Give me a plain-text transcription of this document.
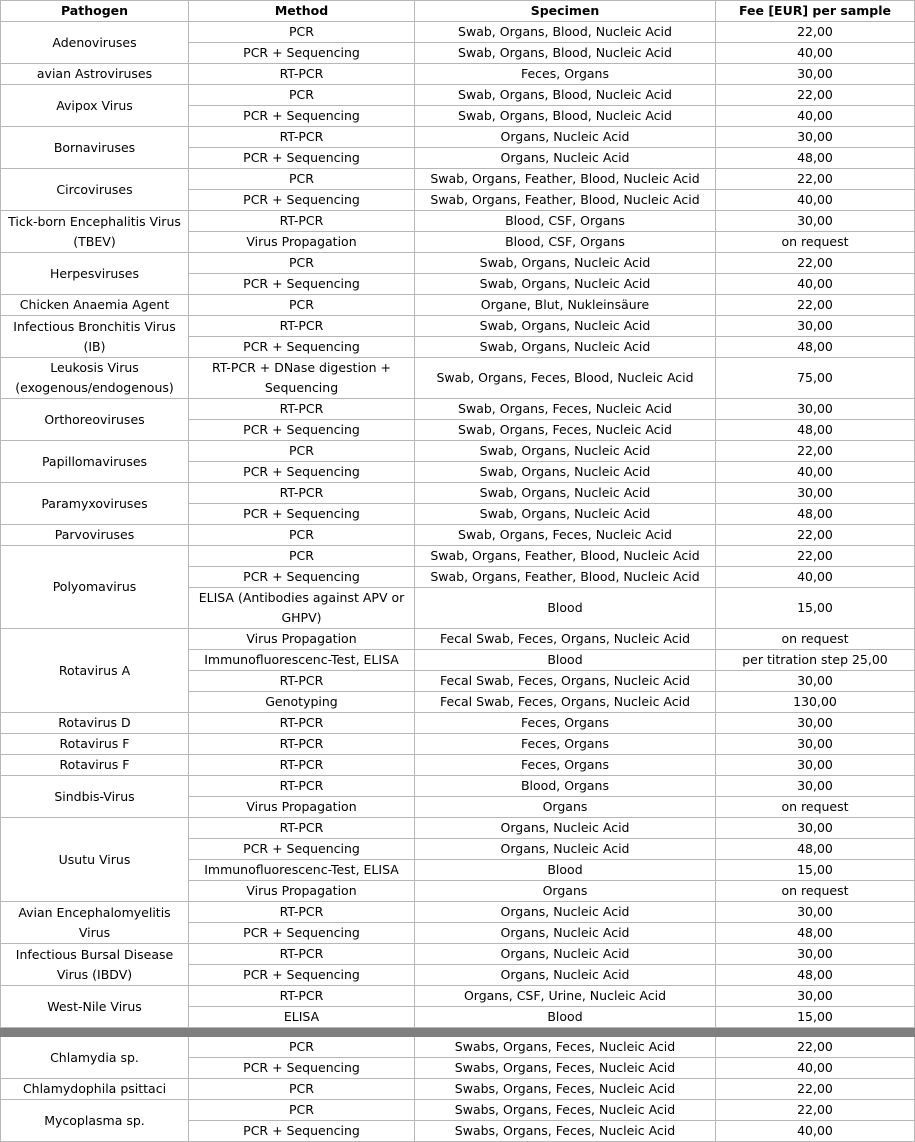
Pathogen	Method	Specimen	Fee [EUR] per sample
Adenoviruses	PCR	Swab, Organs, Blood, Nucleic Acid	22,00
	PCR + Sequencing	Swab, Organs, Blood, Nucleic Acid	40,00
avian Astroviruses	RT-PCR	Feces, Organs	30,00
Avipox Virus	PCR	Swab, Organs, Blood, Nucleic Acid	22,00
	PCR + Sequencing	Swab, Organs, Blood, Nucleic Acid	40,00
Bornaviruses	RT-PCR	Organs, Nucleic Acid	30,00
	PCR + Sequencing	Organs, Nucleic Acid	48,00
Circoviruses	PCR	Swab, Organs, Feather, Blood, Nucleic Acid	22,00
	PCR + Sequencing	Swab, Organs, Feather, Blood, Nucleic Acid	40,00
Tick-born Encephalitis Virus (TBEV)	RT-PCR	Blood, CSF, Organs	30,00
	Virus Propagation	Blood, CSF, Organs	on request
Herpesviruses	PCR	Swab, Organs, Nucleic Acid	22,00
	PCR + Sequencing	Swab, Organs, Nucleic Acid	40,00
Chicken Anaemia Agent	PCR	Organe, Blut, Nukleinsäure	22,00
Infectious Bronchitis Virus (IB)	RT-PCR	Swab, Organs, Nucleic Acid	30,00
	PCR + Sequencing	Swab, Organs, Nucleic Acid	48,00
Leukosis Virus (exogenous/endogenous)	RT-PCR + DNase digestion + Sequencing	Swab, Organs, Feces, Blood, Nucleic Acid	75,00
Orthoreoviruses	RT-PCR	Swab, Organs, Feces, Nucleic Acid	30,00
	PCR + Sequencing	Swab, Organs, Feces, Nucleic Acid	48,00
Papillomaviruses	PCR	Swab, Organs, Nucleic Acid	22,00
	PCR + Sequencing	Swab, Organs, Nucleic Acid	40,00
Paramyxoviruses	RT-PCR	Swab, Organs, Nucleic Acid	30,00
	PCR + Sequencing	Swab, Organs, Nucleic Acid	48,00
Parvoviruses	PCR	Swab, Organs, Feces, Nucleic Acid	22,00
Polyomavirus	PCR	Swab, Organs, Feather, Blood, Nucleic Acid	22,00
	PCR + Sequencing	Swab, Organs, Feather, Blood, Nucleic Acid	40,00
	ELISA (Antibodies against APV or GHPV)	Blood	15,00
Rotavirus A	Virus Propagation	Fecal Swab, Feces, Organs, Nucleic Acid	on request
	Immunofluorescenc-Test, ELISA	Blood	per titration step 25,00
	RT-PCR	Fecal Swab, Feces, Organs, Nucleic Acid	30,00
	Genotyping	Fecal Swab, Feces, Organs, Nucleic Acid	130,00
Rotavirus D	RT-PCR	Feces, Organs	30,00
Rotavirus F	RT-PCR	Feces, Organs	30,00
Rotavirus F	RT-PCR	Feces, Organs	30,00
Sindbis-Virus	RT-PCR	Blood, Organs	30,00
	Virus Propagation	Organs	on request
Usutu Virus	RT-PCR	Organs, Nucleic Acid	30,00
	PCR + Sequencing	Organs, Nucleic Acid	48,00
	Immunofluorescenc-Test, ELISA	Blood	15,00
	Virus Propagation	Organs	on request
Avian Encephalomyelitis Virus	RT-PCR	Organs, Nucleic Acid	30,00
	PCR + Sequencing	Organs, Nucleic Acid	48,00
Infectious Bursal Disease Virus (IBDV)	RT-PCR	Organs, Nucleic Acid	30,00
	PCR + Sequencing	Organs, Nucleic Acid	48,00
West-Nile Virus	RT-PCR	Organs, CSF, Urine, Nucleic Acid	30,00
	ELISA	Blood	15,00

Chlamydia sp.	PCR	Swabs, Organs, Feces, Nucleic Acid	22,00
	PCR + Sequencing	Swabs, Organs, Feces, Nucleic Acid	40,00
Chlamydophila psittaci	PCR	Swabs, Organs, Feces, Nucleic Acid	22,00
Mycoplasma sp.	PCR	Swabs, Organs, Feces, Nucleic Acid	22,00
	PCR + Sequencing	Swabs, Organs, Feces, Nucleic Acid	40,00
